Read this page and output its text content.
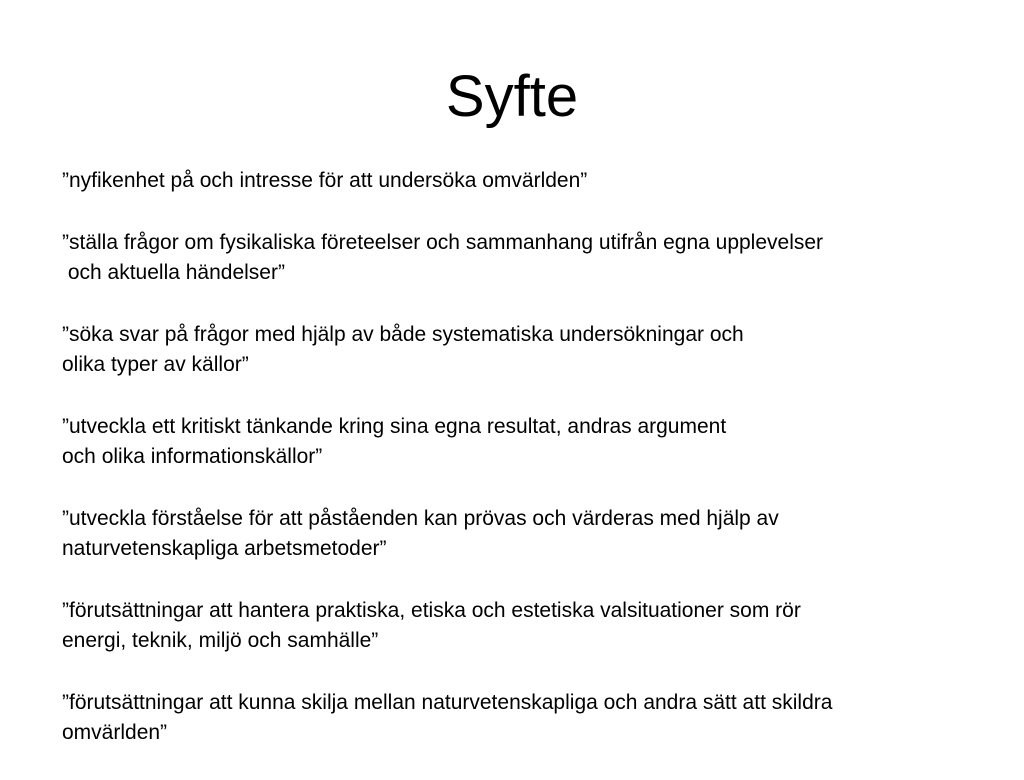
Syfte

”nyfikenhet på och intresse för att undersöka omvärlden”

”ställa frågor om fysikaliska företeelser och sammanhang utifrån egna upplevelser
och aktuella händelser”

”söka svar på frågor med hjälp av både systematiska undersökningar och
olika typer av källor”

”utveckla ett kritiskt tänkande kring sina egna resultat, andras argument
och olika informationskällor”

”utveckla förståelse för att påståenden kan prövas och värderas med hjälp av
naturvetenskapliga arbetsmetoder”

”förutsättningar att hantera praktiska, etiska och estetiska valsituationer som rör
energi, teknik, miljö och samhälle”

”förutsättningar att kunna skilja mellan naturvetenskapliga och andra sätt att skildra
omvärlden”
